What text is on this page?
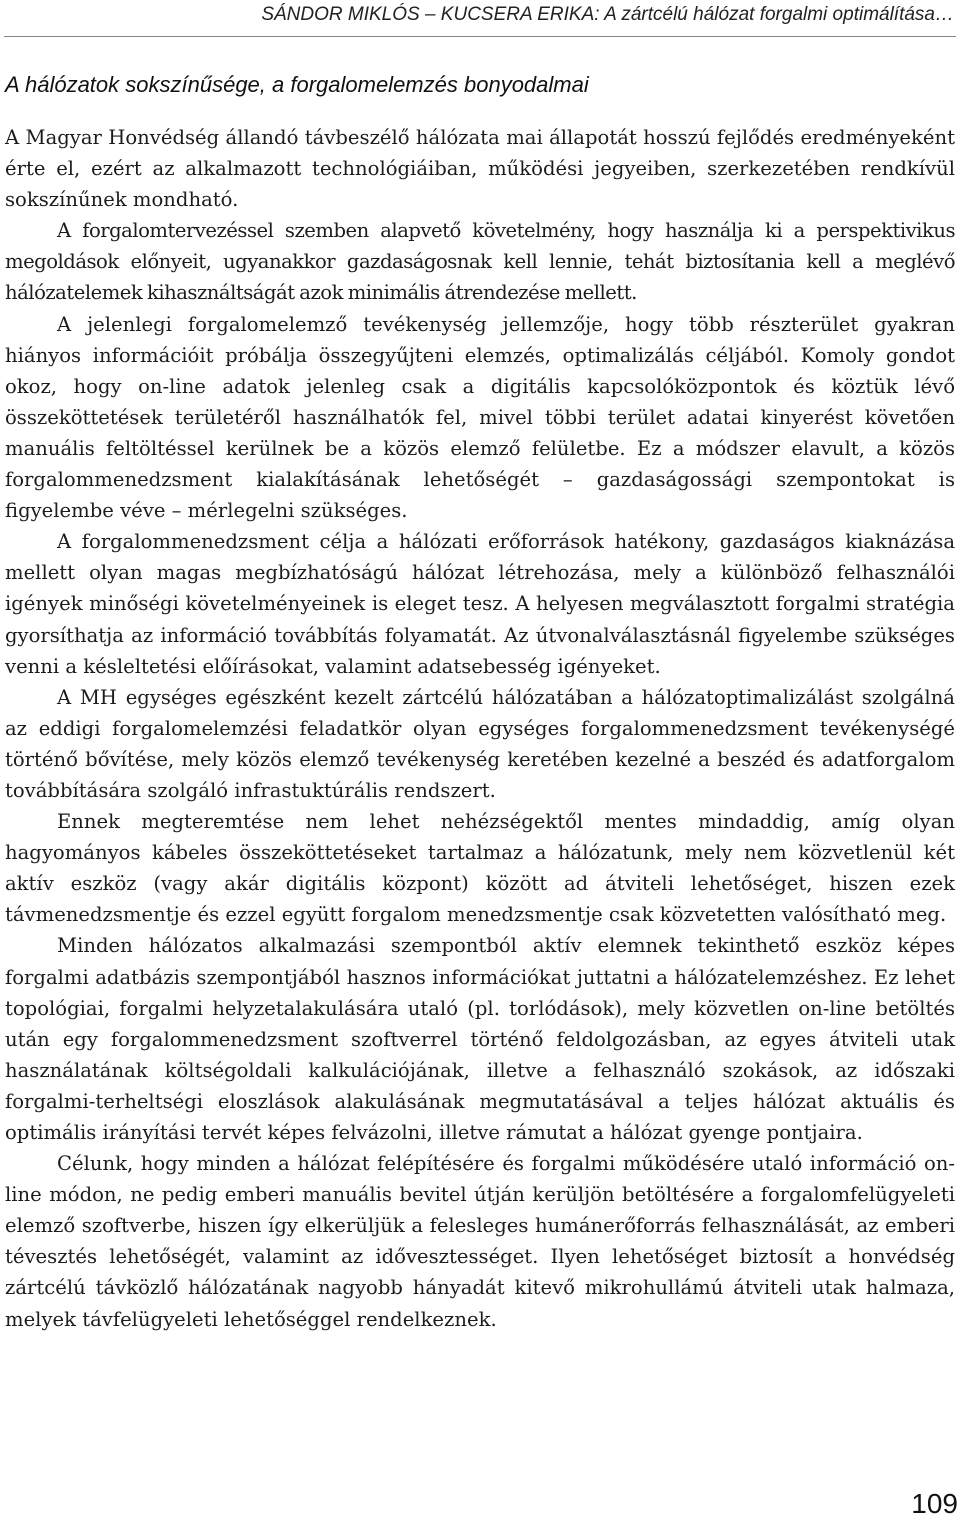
SÁNDOR MIKLÓS – KUCSERA ERIKA: A zártcélú hálózat forgalmi optimálítása…
A hálózatok sokszínűsége, a forgalomelemzés bonyodalmai

A Magyar Honvédség állandó távbeszélő hálózata mai állapotát hosszú fejlődés eredményeként érte el, ezért az alkalmazott technológiáiban, működési jegyeiben, szerkezetében rendkívül sokszínűnek mondható.

A forgalomtervezéssel szemben alapvető követelmény, hogy használja ki a perspektivikus megoldások előnyeit, ugyanakkor gazdaságosnak kell lennie, tehát biztosítania kell a meglévő hálózatelemek kihasználtságát azok minimális átrendezése mellett.

A jelenlegi forgalomelemző tevékenység jellemzője, hogy több részterület gyakran hiányos információit próbálja összegyűjteni elemzés, optimalizálás céljából. Komoly gondot okoz, hogy on-line adatok jelenleg csak a digitális kapcsolóközpontok és köztük lévő összeköttetések területéről használhatók fel, mivel többi terület adatai kinyerést követően manuális feltöltéssel kerülnek be a közös elemző felületbe. Ez a módszer elavult, a közös forgalommenedzsment kialakításának lehetőségét – gazdaságossági szempontokat is figyelembe véve – mérlegelni szükséges.

A forgalommenedzsment célja a hálózati erőforrások hatékony, gazdaságos kiaknázása mellett olyan magas megbízhatóságú hálózat létrehozása, mely a különböző felhasználói igények minőségi követelményeinek is eleget tesz. A helyesen megválasztott forgalmi stratégia gyorsíthatja az információ továbbítás folyamatát. Az útvonalválasztásnál figyelembe szükséges venni a késleltetési előírásokat, valamint adatsebesség igényeket.

A MH egységes egészként kezelt zártcélú hálózatában a hálózatoptimalizálást szolgálná az eddigi forgalomelemzési feladatkör olyan egységes forgalommenedzsment tevékenységé történő bővítése, mely közös elemző tevékenység keretében kezelné a beszéd és adatforgalom továbbítására szolgáló infrastuktúrális rendszert.

Ennek megteremtése nem lehet nehézségektől mentes mindaddig, amíg olyan hagyományos kábeles összeköttetéseket tartalmaz a hálózatunk, mely nem közvetlenül két aktív eszköz (vagy akár digitális központ) között ad átviteli lehetőséget, hiszen ezek távmenedzsmentje és ezzel együtt forgalom menedzsmentje csak közvetetten valósítható meg.

Minden hálózatos alkalmazási szempontból aktív elemnek tekinthető eszköz képes forgalmi adatbázis szempontjából hasznos információkat juttatni a hálózatelemzéshez. Ez lehet topológiai, forgalmi helyzetalakulására utaló (pl. torlódások), mely közvetlen on-line betöltés után egy forgalommenedzsment szoftverrel történő feldolgozásban, az egyes átviteli utak használatának költségoldali kalkulációjának, illetve a felhasználó szokások, az időszaki forgalmi-terheltségi eloszlások alakulásának megmutatásával a teljes hálózat aktuális és optimális irányítási tervét képes felvázolni, illetve rámutat a hálózat gyenge pontjaira.

Célunk, hogy minden a hálózat felépítésére és forgalmi működésére utaló információ on-line módon, ne pedig emberi manuális bevitel útján kerüljön betöltésére a forgalomfelügyeleti elemző szoftverbe, hiszen így elkerüljük a felesleges humánerőforrás felhasználását, az emberi tévesztés lehetőségét, valamint az idővesztességet. Ilyen lehetőséget biztosít a honvédség zártcélú távközlő hálózatának nagyobb hányadát kitevő mikrohullámú átviteli utak halmaza, melyek távfelügyeleti lehetőséggel rendelkeznek.

109
